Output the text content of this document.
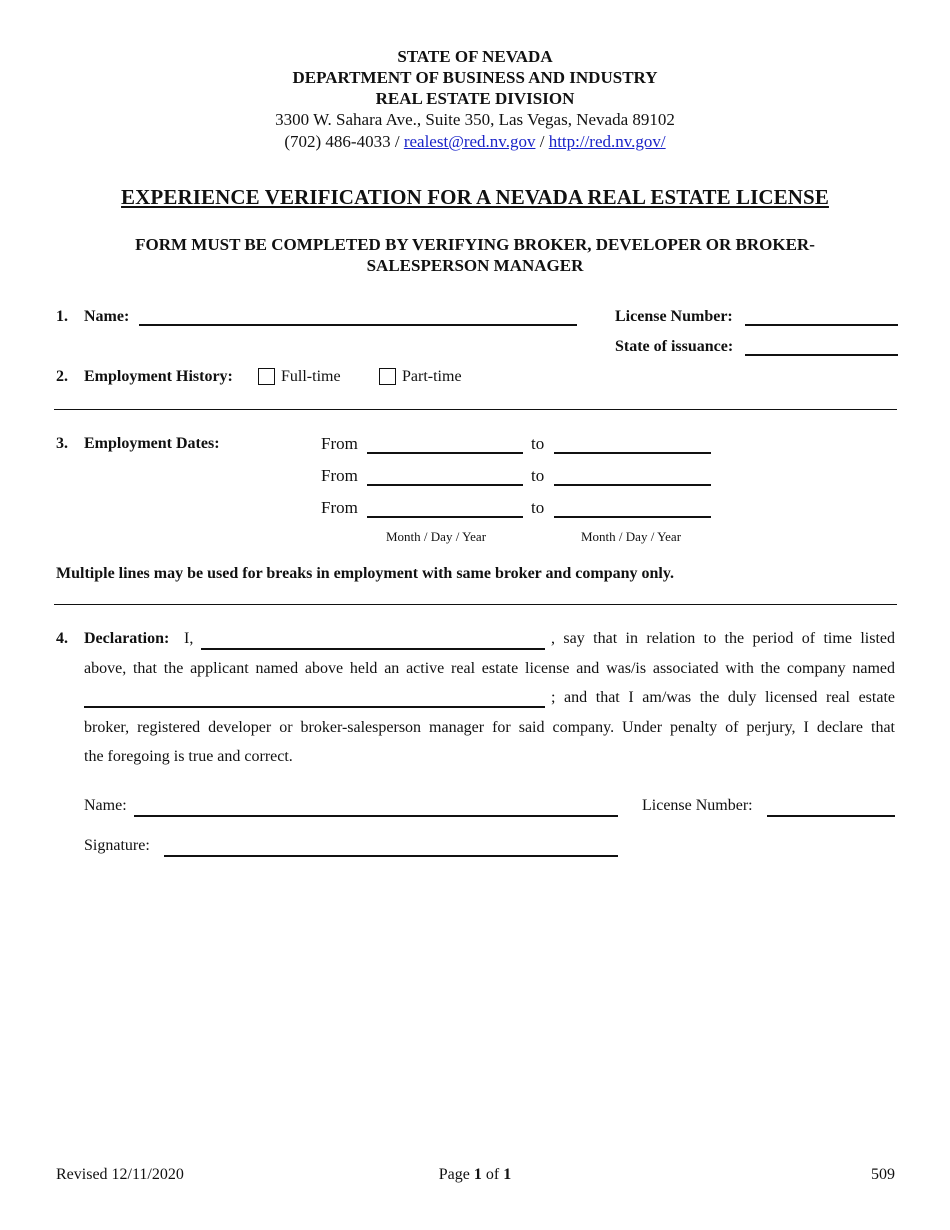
STATE OF NEVADA
DEPARTMENT OF BUSINESS AND INDUSTRY
REAL ESTATE DIVISION
3300 W. Sahara Ave., Suite 350, Las Vegas, Nevada 89102
(702) 486-4033 / realest@red.nv.gov / http://red.nv.gov/
EXPERIENCE VERIFICATION FOR A NEVADA REAL ESTATE LICENSE
FORM MUST BE COMPLETED BY VERIFYING BROKER, DEVELOPER OR BROKER-
SALESPERSON MANAGER
1. Name:	License Number:
State of issuance:
2. Employment History:	Full-time	Part-time
3. Employment Dates:	From	to
From	to
From	to
Month / Day / Year	Month / Day / Year
Multiple lines may be used for breaks in employment with same broker and company only.
4. Declaration: I,	, say that in relation to the period of time listed
above, that the applicant named above held an active real estate license and was/is associated with the company named
; and that I am/was the duly licensed real estate
broker, registered developer or broker-salesperson manager for said company. Under penalty of perjury, I declare that
the foregoing is true and correct.
Name:	License Number:
Signature:
Revised 12/11/2020	Page 1 of 1	509
